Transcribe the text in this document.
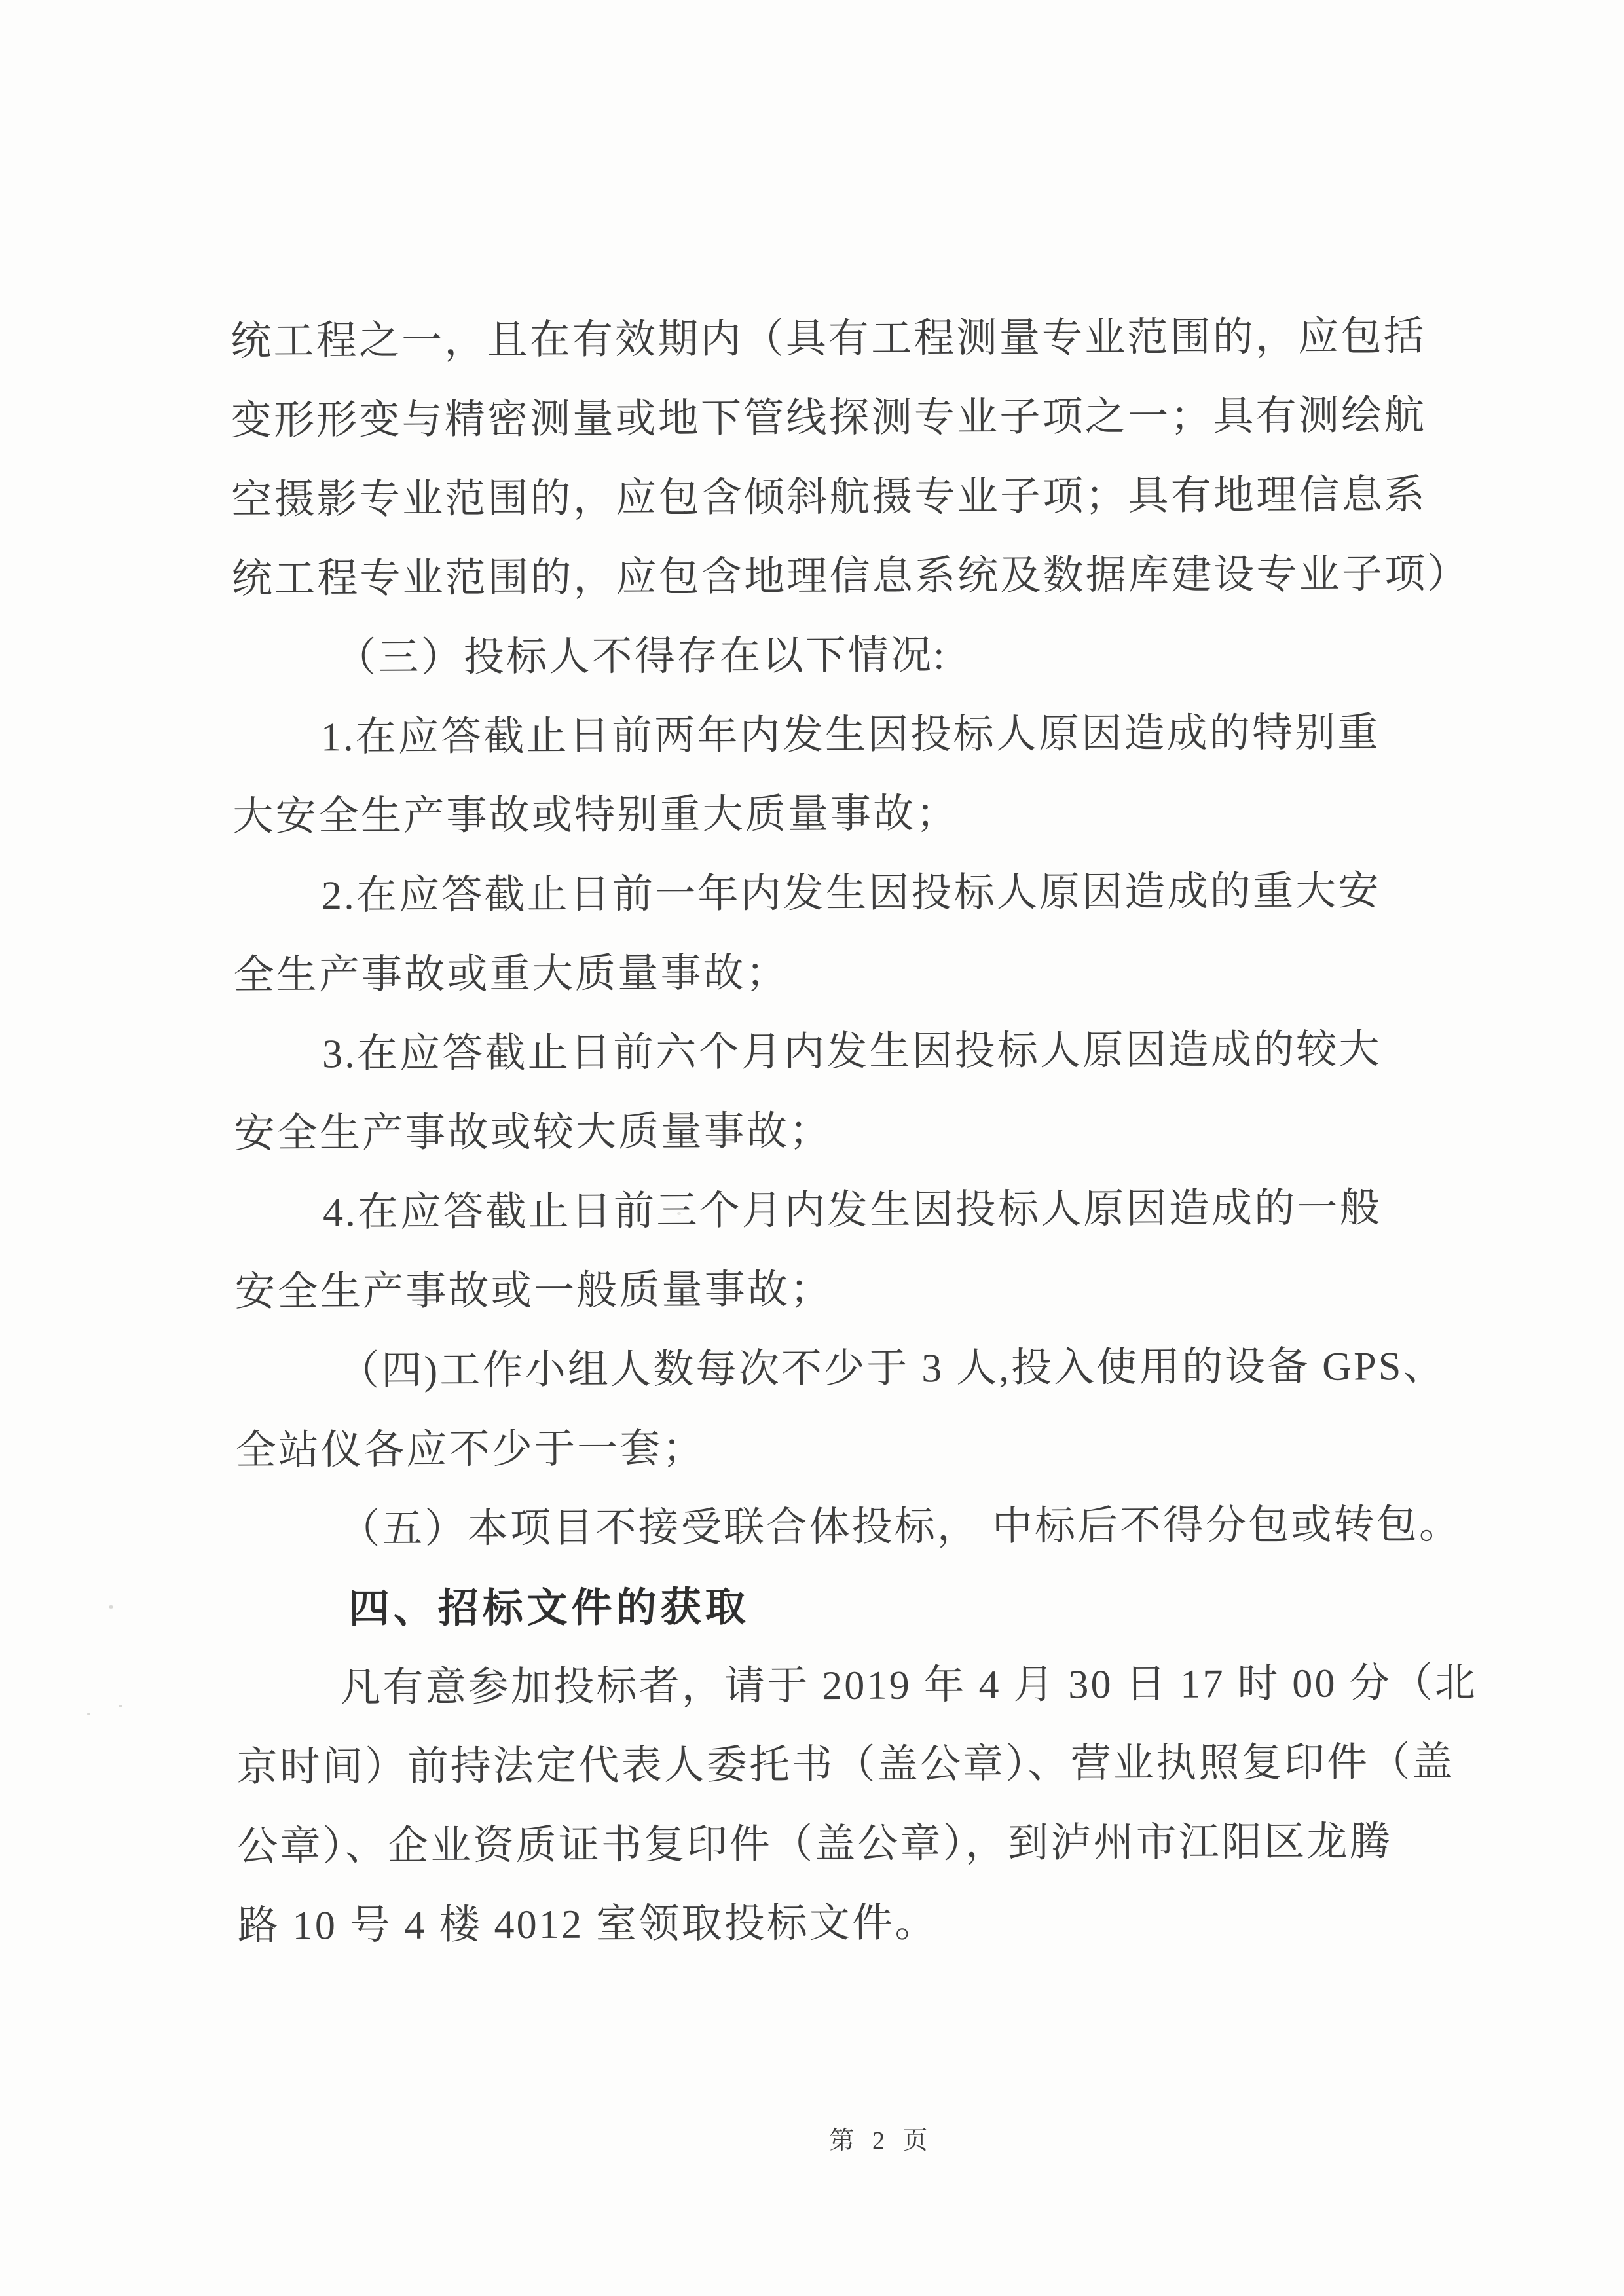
统工程之一，且在有效期内（具有工程测量专业范围的，应包括
变形形变与精密测量或地下管线探测专业子项之一；具有测绘航
空摄影专业范围的，应包含倾斜航摄专业子项；具有地理信息系
统工程专业范围的，应包含地理信息系统及数据库建设专业子项）
（三）投标人不得存在以下情况:
1.在应答截止日前两年内发生因投标人原因造成的特别重
大安全生产事故或特别重大质量事故；
2.在应答截止日前一年内发生因投标人原因造成的重大安
全生产事故或重大质量事故；
3.在应答截止日前六个月内发生因投标人原因造成的较大
安全生产事故或较大质量事故；
4.在应答截止日前三个月内发生因投标人原因造成的一般
安全生产事故或一般质量事故；
（四)工作小组人数每次不少于 3 人,投入使用的设备 GPS、
全站仪各应不少于一套；
（五）本项目不接受联合体投标， 中标后不得分包或转包。
四、招标文件的获取
凡有意参加投标者，请于 2019 年 4 月 30 日 17 时 00 分（北
京时间）前持法定代表人委托书（盖公章）、营业执照复印件（盖
公章）、企业资质证书复印件（盖公章），到泸州市江阳区龙腾
路 10 号 4 楼 4012 室领取投标文件。
第 2 页
